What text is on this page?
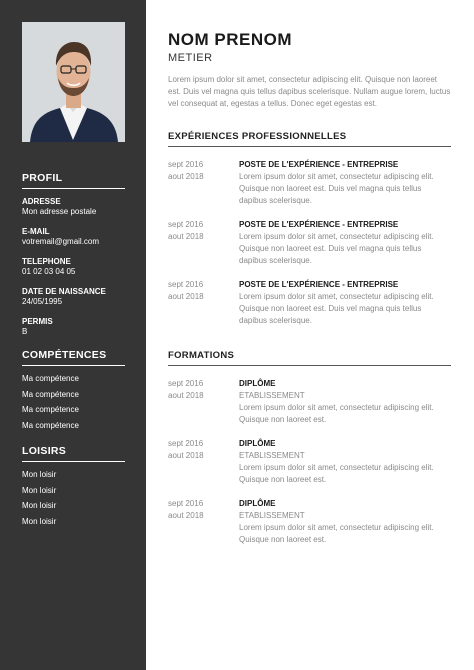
PROFIL
ADRESSE
Mon adresse postale
E-MAIL
votremail@gmail.com
TELEPHONE
01 02 03 04 05
DATE DE NAISSANCE
24/05/1995
PERMIS
B
COMPÉTENCES
Ma compétence
Ma compétence
Ma compétence
Ma compétence
LOISIRS
Mon loisir
Mon loisir
Mon loisir
Mon loisir
NOM PRENOM
METIER
Lorem ipsum dolor sit amet, consectetur adipiscing elit. Quisque non laoreet est. Duis vel magna quis tellus dapibus scelerisque. Nullam augue lorem, luctus vel consequat at, egestas a tellus. Donec eget egestas est.
EXPÉRIENCES PROFESSIONNELLES
sept 2016
aout 2018
POSTE DE L'EXPÉRIENCE - ENTREPRISE
Lorem ipsum dolor sit amet, consectetur adipiscing elit. Quisque non laoreet est. Duis vel magna quis tellus dapibus scelerisque.
sept 2016
aout 2018
POSTE DE L'EXPÉRIENCE - ENTREPRISE
Lorem ipsum dolor sit amet, consectetur adipiscing elit. Quisque non laoreet est. Duis vel magna quis tellus dapibus scelerisque.
sept 2016
aout 2018
POSTE DE L'EXPÉRIENCE - ENTREPRISE
Lorem ipsum dolor sit amet, consectetur adipiscing elit. Quisque non laoreet est. Duis vel magna quis tellus dapibus scelerisque.
FORMATIONS
sept 2016
aout 2018
DIPLÔME
ETABLISSEMENT
Lorem ipsum dolor sit amet, consectetur adipiscing elit. Quisque non laoreet est.
sept 2016
aout 2018
DIPLÔME
ETABLISSEMENT
Lorem ipsum dolor sit amet, consectetur adipiscing elit. Quisque non laoreet est.
sept 2016
aout 2018
DIPLÔME
ETABLISSEMENT
Lorem ipsum dolor sit amet, consectetur adipiscing elit. Quisque non laoreet est.
